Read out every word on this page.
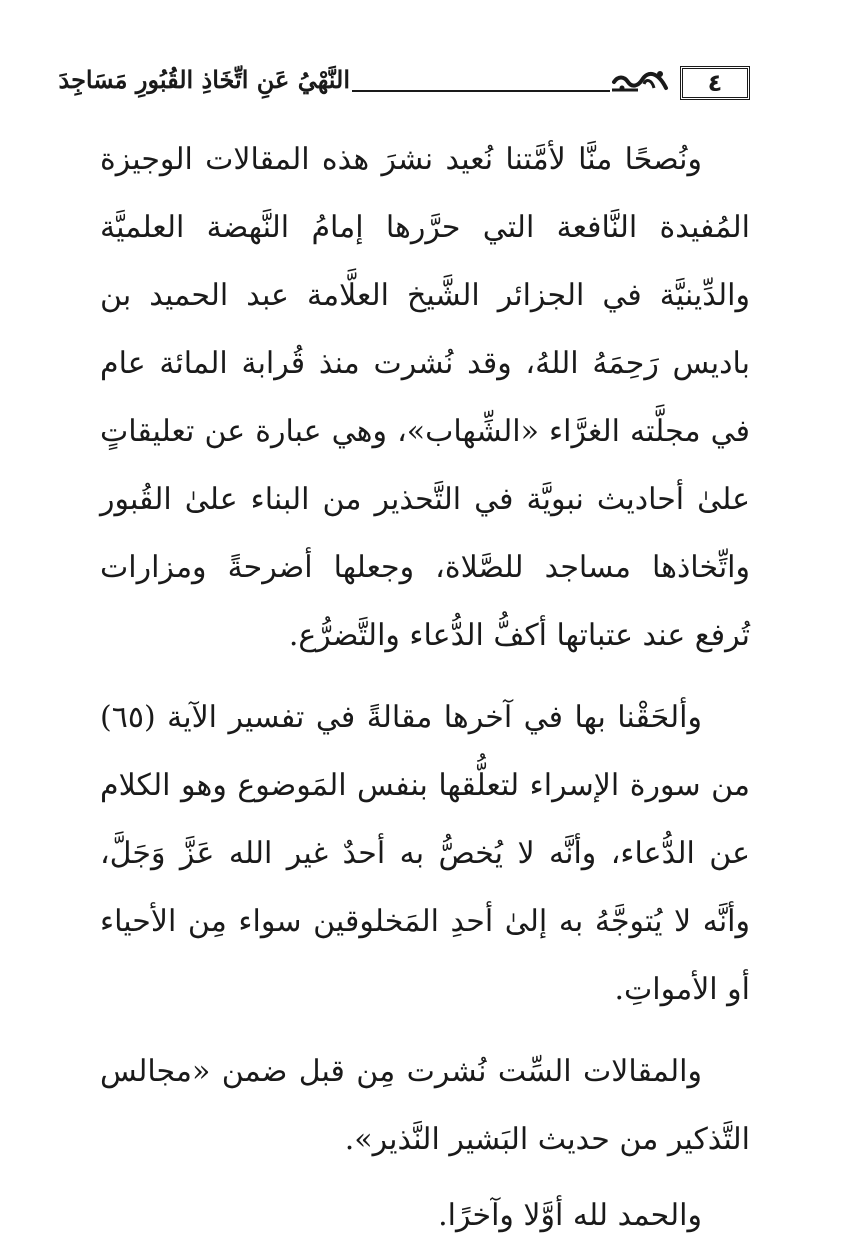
٤
النَّهْيُ عَنِ اتِّخَاذِ القُبُورِ مَسَاجِدَ

ونُصحًا منَّا لأمَّتنا نُعيد نشرَ هذه المقالات الوجيزة المُفيدة النَّافعة التي حرَّرها إمامُ النَّهضة العلميَّة والدِّينيَّة في الجزائر الشَّيخ العلَّامة عبد الحميد بن باديس رَحِمَهُ اللهُ، وقد نُشرت منذ قُرابة المائة عام في مجلَّته الغرَّاء «الشِّهاب»، وهي عبارة عن تعليقاتٍ علىٰ أحاديث نبويَّة في التَّحذير من البناء علىٰ القُبور واتِّخاذها مساجد للصَّلاة، وجعلها أضرحةً ومزارات تُرفع عند عتباتها أكفُّ الدُّعاء والتَّضرُّع.

وألحَقْنا بها في آخرها مقالةً في تفسير الآية (٦٥) من سورة الإسراء لتعلُّقها بنفس المَوضوع وهو الكلام عن الدُّعاء، وأنَّه لا يُخصُّ به أحدٌ غير الله عَزَّ وَجَلَّ، وأنَّه لا يُتوجَّهُ به إلىٰ أحدِ المَخلوقين سواء مِن الأحياء أو الأمواتِ.

والمقالات السِّت نُشرت مِن قبل ضمن «مجالس التَّذكير من حديث البَشير النَّذير».

والحمد لله أوَّلا وآخرًا.
